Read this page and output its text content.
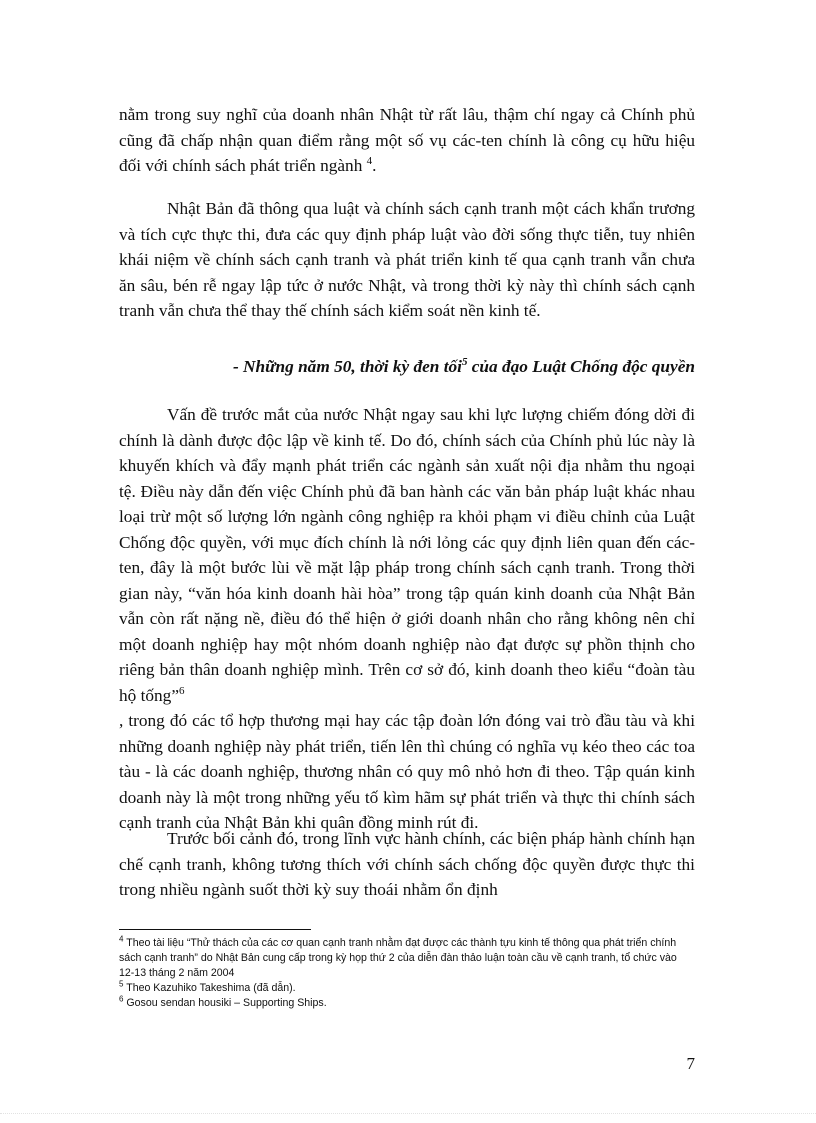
nằm trong suy nghĩ của doanh nhân Nhật từ rất lâu, thậm chí ngay cả Chính phủ cũng đã chấp nhận quan điểm rằng một số vụ các-ten chính là công cụ hữu hiệu đối với chính sách phát triển ngành $^4$.

Nhật Bản đã thông qua luật và chính sách cạnh tranh một cách khẩn trương và tích cực thực thi, đưa các quy định pháp luật vào đời sống thực tiễn, tuy nhiên khái niệm về chính sách cạnh tranh và phát triển kinh tế qua cạnh tranh vẫn chưa ăn sâu, bén rễ ngay lập tức ở nước Nhật, và trong thời kỳ này thì chính sách cạnh tranh vẫn chưa thể thay thế chính sách kiểm soát nền kinh tế.

- Những năm 50, thời kỳ đen tối$^5$ của đạo Luật Chống độc quyền

Vấn đề trước mắt của nước Nhật ngay sau khi lực lượng chiếm đóng dời đi chính là dành được độc lập về kinh tế. Do đó, chính sách của Chính phủ lúc này là khuyến khích và đẩy mạnh phát triển các ngành sản xuất nội địa nhằm thu ngoại tệ. Điều này dẫn đến việc Chính phủ đã ban hành các văn bản pháp luật khác nhau loại trừ một số lượng lớn ngành công nghiệp ra khỏi phạm vi điều chỉnh của Luật Chống độc quyền, với mục đích chính là nới lỏng các quy định liên quan đến các-ten, đây là một bước lùi về mặt lập pháp trong chính sách cạnh tranh. Trong thời gian này, “văn hóa kinh doanh hài hòa” trong tập quán kinh doanh của Nhật Bản vẫn còn rất nặng nề, điều đó thể hiện ở giới doanh nhân cho rằng không nên chỉ một doanh nghiệp hay một nhóm doanh nghiệp nào đạt được sự phồn thịnh cho riêng bản thân doanh nghiệp mình. Trên cơ sở đó, kinh doanh theo kiểu “đoàn tàu hộ tống”$^6$
, trong đó các tổ hợp thương mại hay các tập đoàn lớn đóng vai trò đầu tàu và khi những doanh nghiệp này phát triển, tiến lên thì chúng có nghĩa vụ kéo theo các toa tàu - là các doanh nghiệp, thương nhân có quy mô nhỏ hơn đi theo. Tập quán kinh doanh này là một trong những yếu tố kìm hãm sự phát triển và thực thi chính sách cạnh tranh của Nhật Bản khi quân đồng minh rút đi.

Trước bối cảnh đó, trong lĩnh vực hành chính, các biện pháp hành chính hạn chế cạnh tranh, không tương thích với chính sách chống độc quyền được thực thi trong nhiều ngành suốt thời kỳ suy thoái nhằm ổn định

$^4$ Theo tài liệu “Thử thách của các cơ quan cạnh tranh nhằm đạt được các thành tựu kinh tế thông qua phát triển chính sách cạnh tranh” do Nhật Bản cung cấp trong kỳ họp thứ 2 của diễn đàn thảo luận toàn cầu về cạnh tranh, tổ chức vào 12-13 tháng 2 năm 2004

$^5$ Theo Kazuhiko Takeshima (đã dẫn).

$^6$ Gosou sendan housiki – Supporting Ships.

7
